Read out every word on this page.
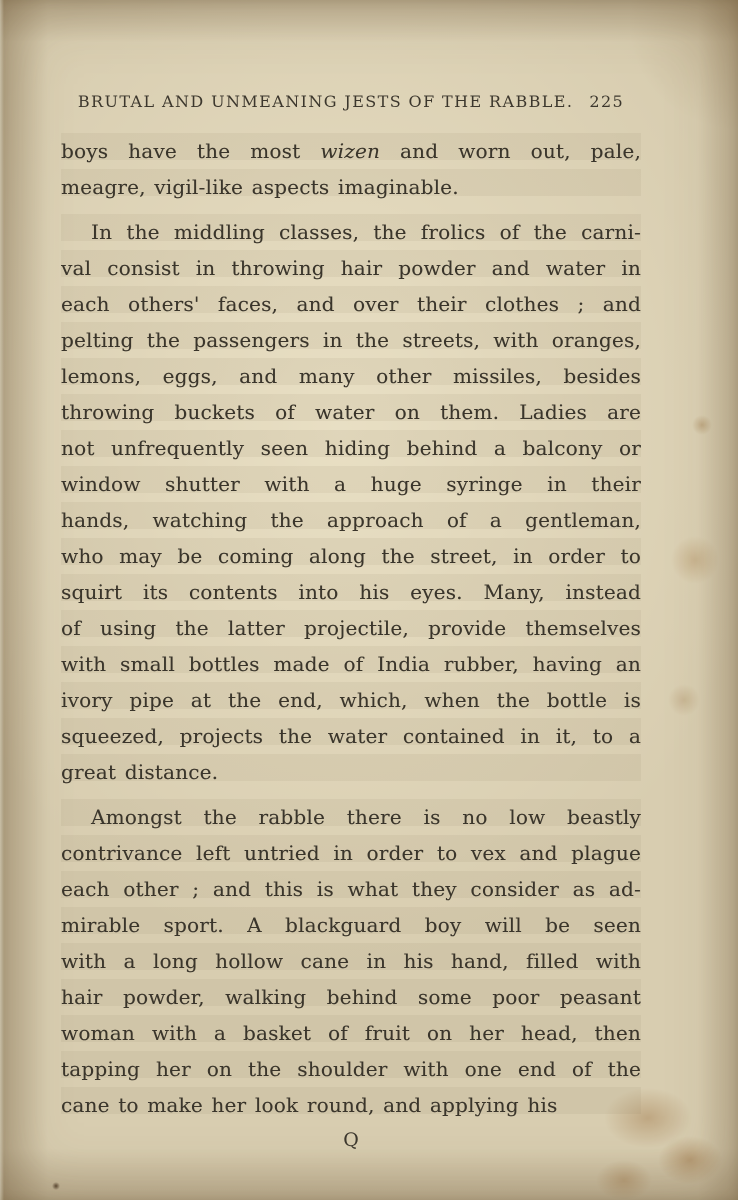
BRUTAL AND UNMEANING JESTS OF THE RABBLE. 225
boys have the most wizen and worn out, pale,
meagre, vigil-like aspects imaginable.
In the middling classes, the frolics of the carni-
val consist in throwing hair powder and water in
each others' faces, and over their clothes ; and
pelting the passengers in the streets, with oranges,
lemons, eggs, and many other missiles, besides
throwing buckets of water on them. Ladies are
not unfrequently seen hiding behind a balcony or
window shutter with a huge syringe in their
hands, watching the approach of a gentleman,
who may be coming along the street, in order to
squirt its contents into his eyes. Many, instead
of using the latter projectile, provide themselves
with small bottles made of India rubber, having an
ivory pipe at the end, which, when the bottle is
squeezed, projects the water contained in it, to a
great distance.
Amongst the rabble there is no low beastly
contrivance left untried in order to vex and plague
each other ; and this is what they consider as ad-
mirable sport. A blackguard boy will be seen
with a long hollow cane in his hand, filled with
hair powder, walking behind some poor peasant
woman with a basket of fruit on her head, then
tapping her on the shoulder with one end of the
cane to make her look round, and applying his
Q
